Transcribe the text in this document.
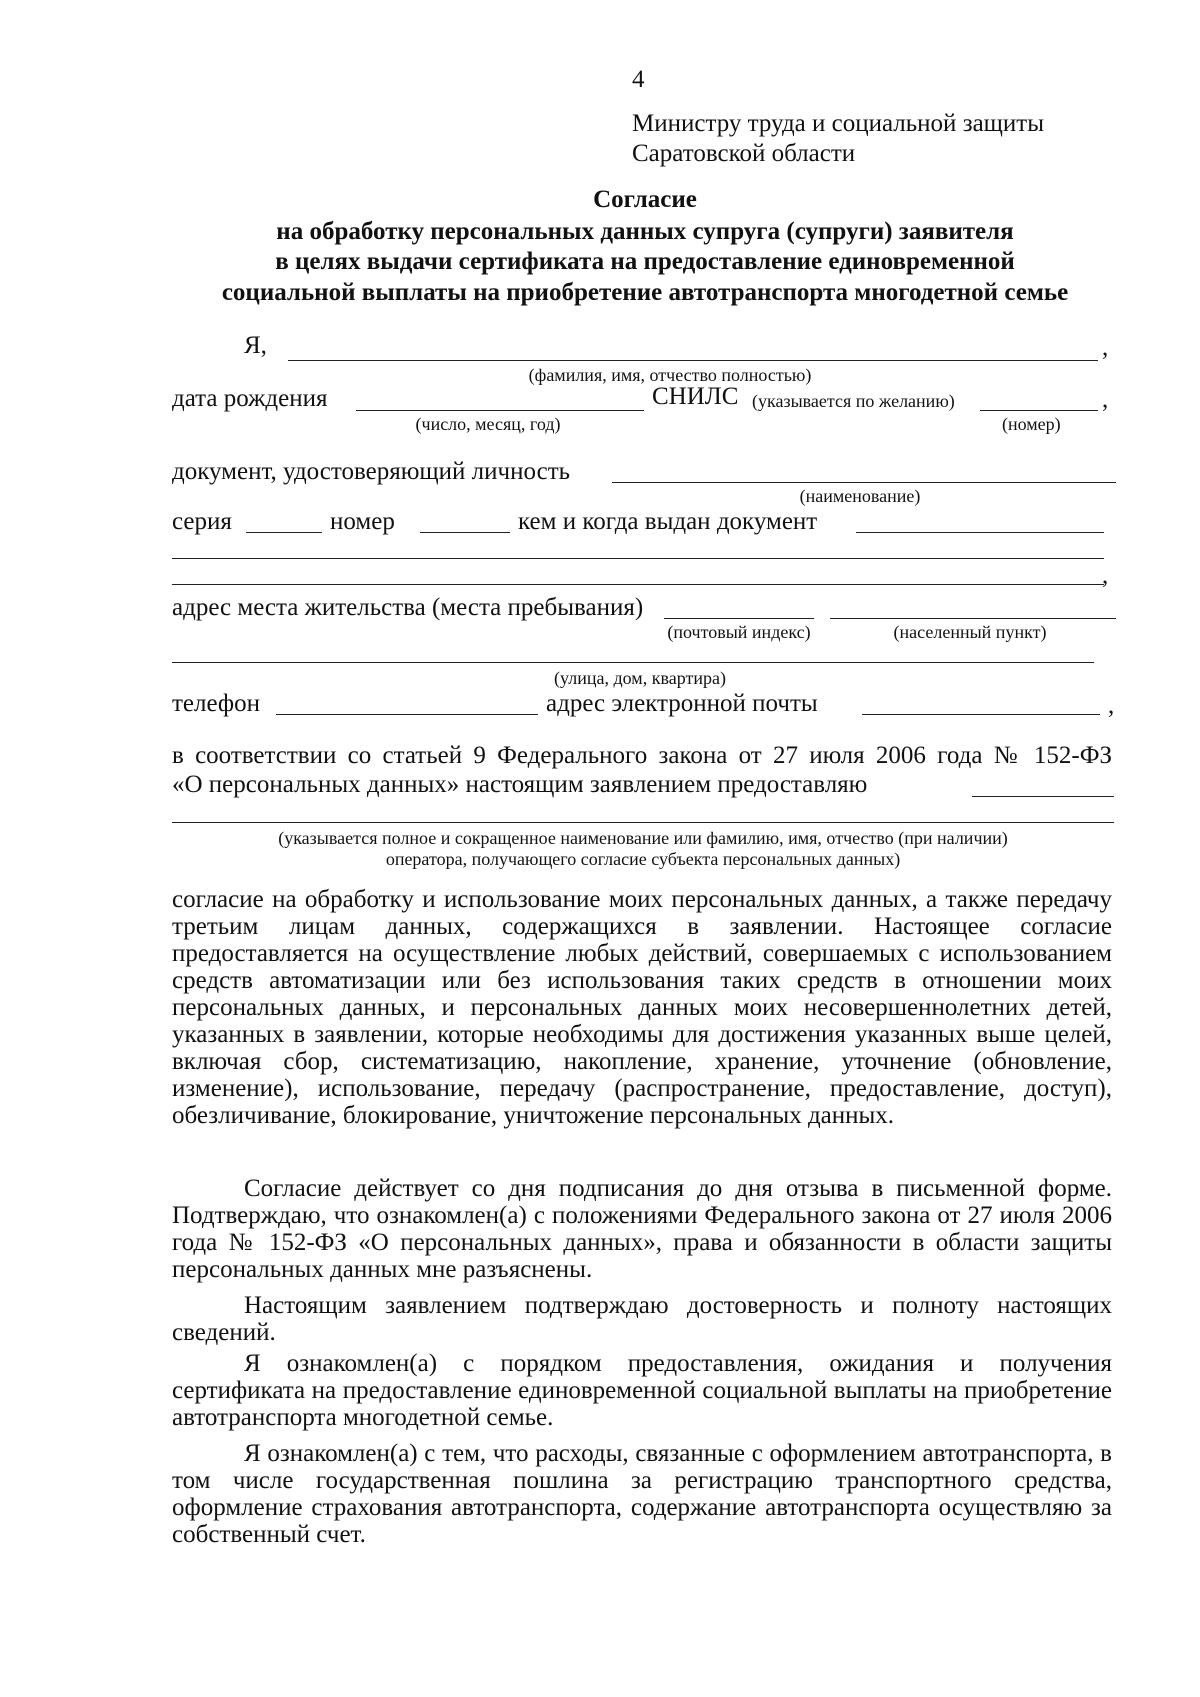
4
Министру труда и социальной защиты
Саратовской области
Согласие
на обработку персональных данных супруга (супруги) заявителя
в целях выдачи сертификата на предоставление единовременной
социальной выплаты на приобретение автотранспорта многодетной семье
Я,	,
(фамилия, имя, отчество полностью)
дата рождения	СНИЛС (указывается по желанию)	,
(число, месяц, год)	(номер)
документ, удостоверяющий личность
(наименование)
серия	номер	кем и когда выдан документ
,
адрес места жительства (места пребывания)
(почтовый индекс)	(населенный пункт)
(улица, дом, квартира)
телефон	адрес электронной почты	,
в соответствии со статьей 9 Федерального закона от 27 июля 2006 года № 152-ФЗ
«О персональных данных» настоящим заявлением предоставляю
(указывается полное и сокращенное наименование или фамилию, имя, отчество (при наличии)
оператора, получающего согласие субъекта персональных данных)

согласие на обработку и использование моих персональных данных, а также передачу третьим лицам данных, содержащихся в заявлении. Настоящее согласие предоставляется на осуществление любых действий, совершаемых с использованием средств автоматизации или без использования таких средств в отношении моих персональных данных, и персональных данных моих несовершеннолетних детей, указанных в заявлении, которые необходимы для достижения указанных выше целей, включая сбор, систематизацию, накопление, хранение, уточнение (обновление, изменение), использование, передачу (распространение, предоставление, доступ), обезличивание, блокирование, уничтожение персональных данных.

Согласие действует со дня подписания до дня отзыва в письменной форме. Подтверждаю, что ознакомлен(а) с положениями Федерального закона от 27 июля 2006 года № 152-ФЗ «О персональных данных», права и обязанности в области защиты персональных данных мне разъяснены.

Настоящим заявлением подтверждаю достоверность и полноту настоящих сведений.

Я ознакомлен(а) с порядком предоставления, ожидания и получения сертификата на предоставление единовременной социальной выплаты на приобретение автотранспорта многодетной семье.

Я ознакомлен(а) с тем, что расходы, связанные с оформлением автотранспорта, в том числе государственная пошлина за регистрацию транспортного средства, оформление страхования автотранспорта, содержание автотранспорта осуществляю за собственный счет.
